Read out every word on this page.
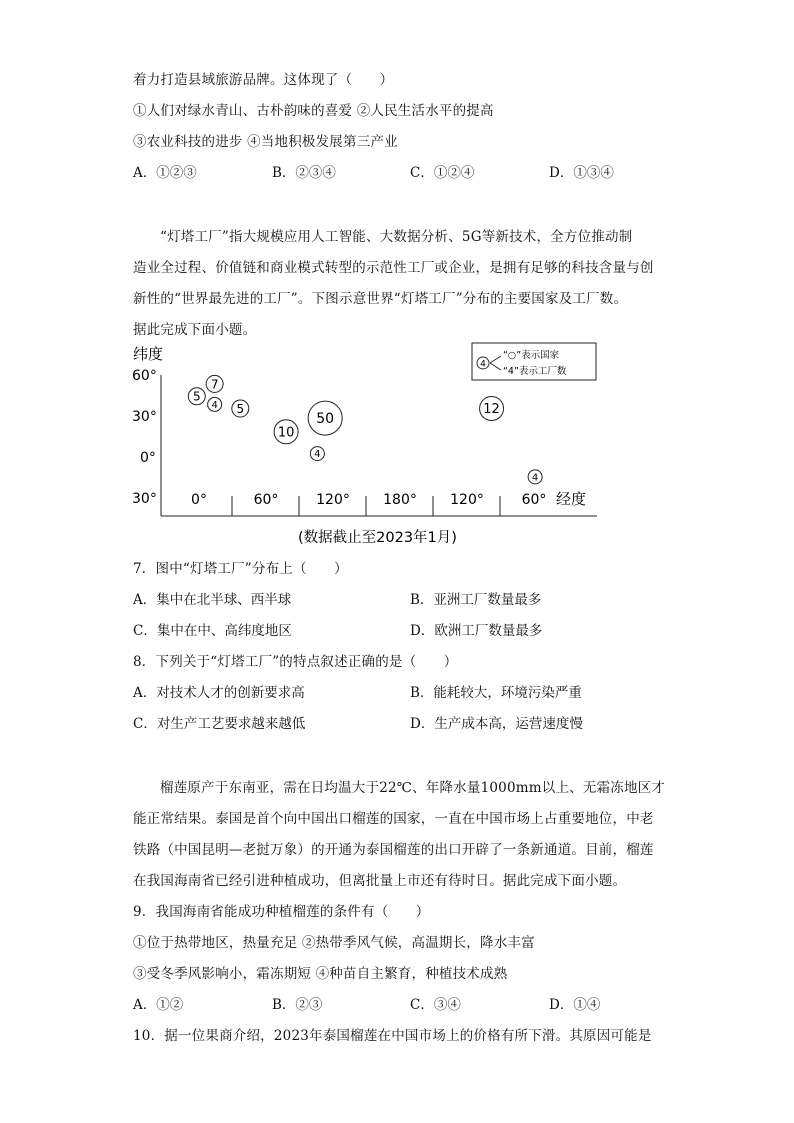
着力打造县域旅游品牌。这体现了（　　）
①人们对绿水青山、古朴韵味的喜爱 ②人民生活水平的提高
③农业科技的进步 ④当地积极发展第三产业
A．①②③	B．②③④	C．①②④	D．①③④
“灯塔工厂”指大规模应用人工智能、大数据分析、5G等新技术，全方位推动制
造业全过程、价值链和商业模式转型的示范性工厂或企业，是拥有足够的科技含量与创
新性的“世界最先进的工厂”。下图示意世界“灯塔工厂”分布的主要国家及工厂数。
据此完成下面小题。
纬度
60°
30°
0°
30° 0°	60°	120° 180° 120°	60° 经度
4
“○”表示国家
“4”表示工厂数
7
5
4 5
10
50
4
12
4
(数据截止至2023年1月)
7．图中“灯塔工厂”分布上（　　）
A．集中在北半球、西半球	B．亚洲工厂数量最多
C．集中在中、高纬度地区	D．欧洲工厂数量最多
8．下列关于“灯塔工厂”的特点叙述正确的是（　　）
A．对技术人才的创新要求高	B．能耗较大，环境污染严重
C．对生产工艺要求越来越低	D．生产成本高，运营速度慢
榴莲原产于东南亚，需在日均温大于22℃、年降水量1000mm以上、无霜冻地区才
能正常结果。泰国是首个向中国出口榴莲的国家，一直在中国市场上占重要地位，中老
铁路（中国昆明—老挝万象）的开通为泰国榴莲的出口开辟了一条新通道。目前，榴莲
在我国海南省已经引进种植成功，但离批量上市还有待时日。据此完成下面小题。
9．我国海南省能成功种植榴莲的条件有（　　）
①位于热带地区，热量充足 ②热带季风气候，高温期长，降水丰富
③受冬季风影响小，霜冻期短 ④种苗自主繁育，种植技术成熟
A．①②	B．②③	C．③④	D．①④
10．据一位果商介绍，2023年泰国榴莲在中国市场上的价格有所下滑。其原因可能是
